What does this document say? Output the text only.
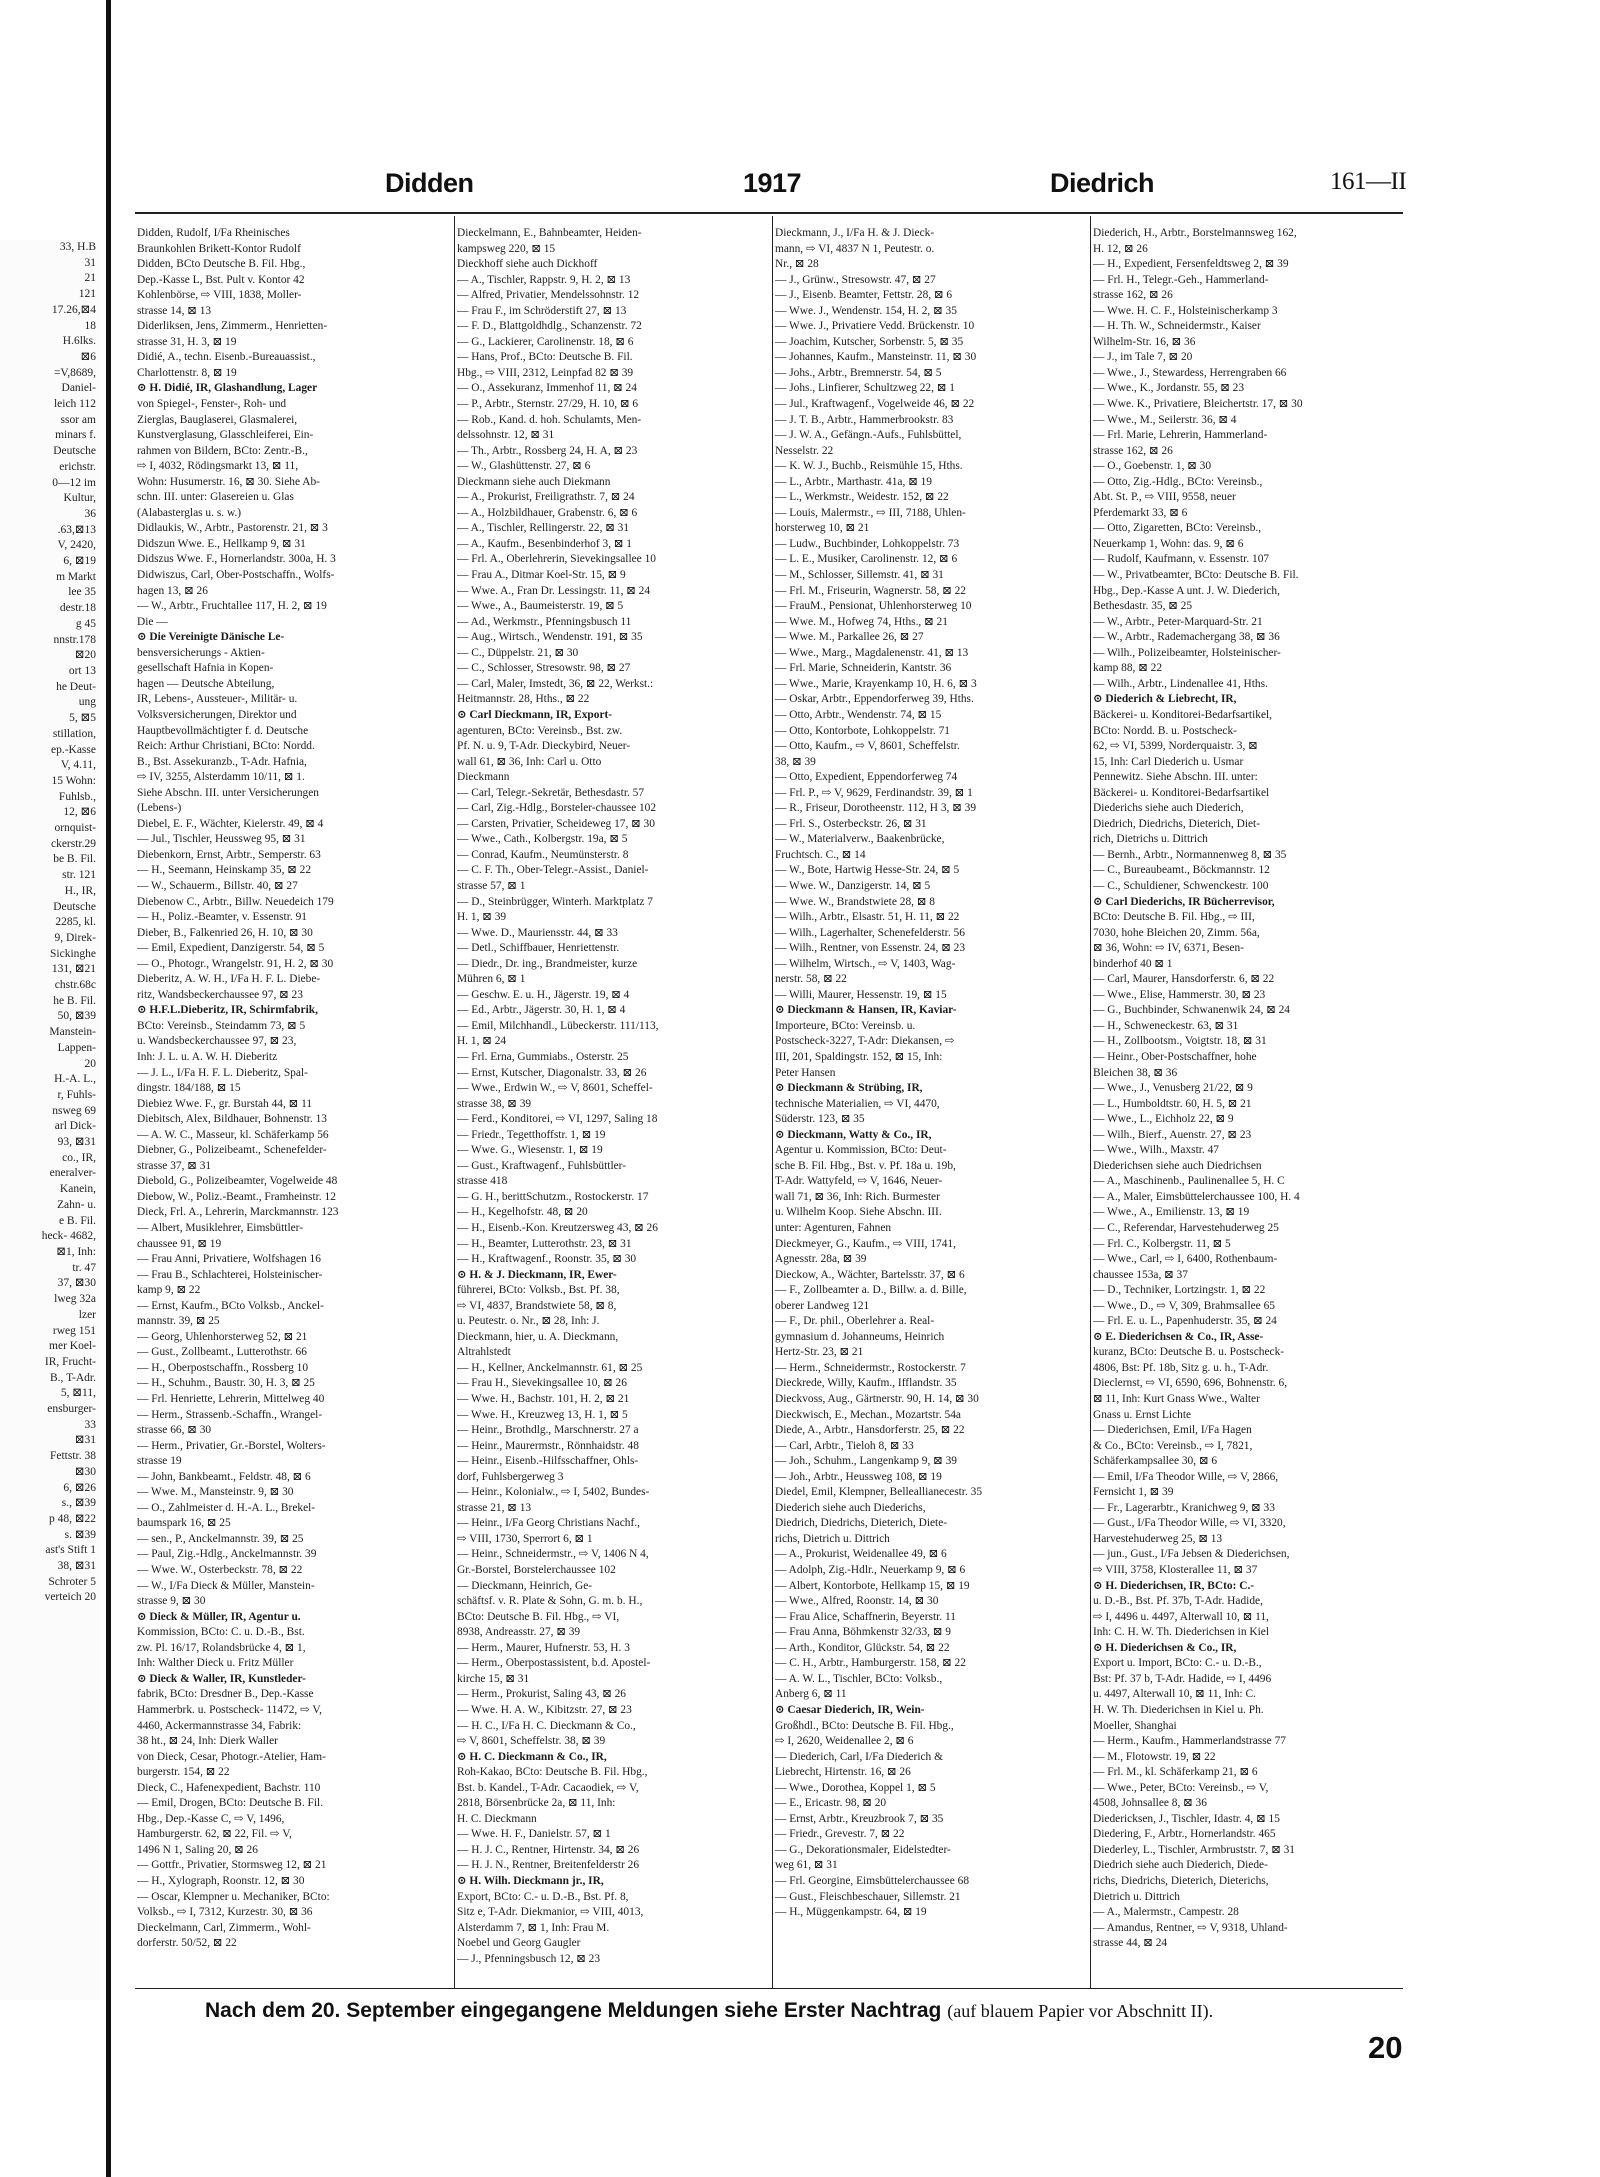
33, H.B
31
21
121
17.26,⊠4
18
H.6lks.
⊠6
=V,8689,
Daniel-
leich 112
ssor am
minars f.
Deutsche
erichstr.
0—12 im
Kultur,
36
.63,⊠13
V, 2420,
6, ⊠19
m Markt
lee 35
destr.18
g 45
nnstr.178
⊠20
ort 13
he Deut-
ung
5, ⊠5
stillation,
ep.-Kasse
V, 4.11,
15 Wohn:
Fuhlsb.,
12, ⊠6
ornquist-
ckerstr.29
be B. Fil.
str. 121
H., IR,
Deutsche
2285, kl.
9, Direk-
Sickinghe
131, ⊠21
chstr.68c
he B. Fil.
50, ⊠39
Manstein-
Lappen-
20
H.-A. L.,
r, Fuhls-
nsweg 69
arl Dick-
93, ⊠31
co., IR,
eneralver-
Kanein,
Zahn- u.
e B. Fil.
heck- 4682,
⊠1, Inh:
tr. 47
37, ⊠30
lweg 32a
lzer
rweg 151
mer Koel-
IR, Frucht-
B., T-Adr.
5, ⊠11,
ensburger-
33
⊠31
Fettstr. 38
⊠30
6, ⊠26
s., ⊠39
p 48, ⊠22
s. ⊠39
ast's Stift 1
38, ⊠31
Schroter 5
verteich 20
Didden	1917	Diedrich	161—II
Didden, Rudolf, I/Fa Rheinisches
Braunkohlen Brikett-Kontor Rudolf
Didden, BCto Deutsche B. Fil. Hbg.,
Dep.-Kasse L, Bst. Pult v. Kontor 42
Kohlenbörse, ⇨ VIII, 1838, Moller-
strasse 14, ⊠ 13
Diderliksen, Jens, Zimmerm., Henrietten-
strasse 31, H. 3, ⊠ 19
Didié, A., techn. Eisenb.-Bureauassist.,
Charlottenstr. 8, ⊠ 19
⊙ H. Didié, IR, Glashandlung, Lager
von Spiegel-, Fenster-, Roh- und
Zierglas, Bauglaserei, Glasmalerei,
Kunstverglasung, Glasschleiferei, Ein-
rahmen von Bildern, BCto: Zentr.-B.,
⇨ I, 4032, Rödingsmarkt 13, ⊠ 11,
Wohn: Husumerstr. 16, ⊠ 30. Siehe Ab-
schn. III. unter: Glasereien u. Glas
(Alabasterglas u. s. w.)
Didlaukis, W., Arbtr., Pastorenstr. 21, ⊠ 3
Didszun Wwe. E., Hellkamp 9, ⊠ 31
Didszus Wwe. F., Hornerlandstr. 300a, H. 3
Didwiszus, Carl, Ober-Postschaffn., Wolfs-
hagen 13, ⊠ 26
— W., Arbtr., Fruchtallee 117, H. 2, ⊠ 19
Die —
⊙ Die Vereinigte Dänische Le-
bensversicherungs - Aktien-
gesellschaft Hafnia in Kopen-
hagen — Deutsche Abteilung,
IR, Lebens-, Aussteuer-, Militär- u.
Volksversicherungen, Direktor und
Hauptbevollmächtigter f. d. Deutsche
Reich: Arthur Christiani, BCto: Nordd.
B., Bst. Assekuranzb., T-Adr. Hafnia,
⇨ IV, 3255, Alsterdamm 10/11, ⊠ 1.
Siehe Abschn. III. unter Versicherungen
(Lebens-)
Diebel, E. F., Wächter, Kielerstr. 49, ⊠ 4
— Jul., Tischler, Heussweg 95, ⊠ 31
Diebenkorn, Ernst, Arbtr., Semperstr. 63
— H., Seemann, Heinskamp 35, ⊠ 22
— W., Schauerm., Billstr. 40, ⊠ 27
Diebenow C., Arbtr., Billw. Neuedeich 179
— H., Poliz.-Beamter, v. Essenstr. 91
Dieber, B., Falkenried 26, H. 10, ⊠ 30
— Emil, Expedient, Danzigerstr. 54, ⊠ 5
— O., Photogr., Wrangelstr. 91, H. 2, ⊠ 30
Dieberitz, A. W. H., I/Fa H. F. L. Diebe-
ritz, Wandsbeckerchaussee 97, ⊠ 23
⊙ H.F.L.Dieberitz, IR, Schirmfabrik,
BCto: Vereinsb., Steindamm 73, ⊠ 5
u. Wandsbeckerchaussee 97, ⊠ 23,
Inh: J. L. u. A. W. H. Dieberitz
— J. L., I/Fa H. F. L. Dieberitz, Spal-
dingstr. 184/188, ⊠ 15
Diebiez Wwe. F., gr. Burstah 44, ⊠ 11
Diebitsch, Alex, Bildhauer, Bohnenstr. 13
— A. W. C., Masseur, kl. Schäferkamp 56
Diebner, G., Polizeibeamt., Schenefelder-
strasse 37, ⊠ 31
Diebold, G., Polizeibeamter, Vogelweide 48
Diebow, W., Poliz.-Beamt., Framheinstr. 12
Dieck, Frl. A., Lehrerin, Marckmannstr. 123
— Albert, Musiklehrer, Eimsbüttler-
chaussee 91, ⊠ 19
— Frau Anni, Privatiere, Wolfshagen 16
— Frau B., Schlachterei, Holsteinischer-
kamp 9, ⊠ 22
— Ernst, Kaufm., BCto Volksb., Anckel-
mannstr. 39, ⊠ 25
— Georg, Uhlenhorsterweg 52, ⊠ 21
— Gust., Zollbeamt., Lutterothstr. 66
— H., Oberpostschaffn., Rossberg 10
— H., Schuhm., Baustr. 30, H. 3, ⊠ 25
— Frl. Henriette, Lehrerin, Mittelweg 40
— Herm., Strassenb.-Schaffn., Wrangel-
strasse 66, ⊠ 30
— Herm., Privatier, Gr.-Borstel, Wolters-
strasse 19
— John, Bankbeamt., Feldstr. 48, ⊠ 6
— Wwe. M., Mansteinstr. 9, ⊠ 30
— O., Zahlmeister d. H.-A. L., Brekel-
baumspark 16, ⊠ 25
— sen., P., Anckelmannstr. 39, ⊠ 25
— Paul, Zig.-Hdlg., Anckelmannstr. 39
— Wwe. W., Osterbeckstr. 78, ⊠ 22
— W., I/Fa Dieck & Müller, Manstein-
strasse 9, ⊠ 30
⊙ Dieck & Müller, IR, Agentur u.
Kommission, BCto: C. u. D.-B., Bst.
zw. Pl. 16/17, Rolandsbrücke 4, ⊠ 1,
Inh: Walther Dieck u. Fritz Müller
⊙ Dieck & Waller, IR, Kunstleder-
fabrik, BCto: Dresdner B., Dep.-Kasse
Hammerbrk. u. Postscheck- 11472, ⇨ V,
4460, Ackermannstrasse 34, Fabrik:
38 ht., ⊠ 24, Inh: Dierk Waller
von Dieck, Cesar, Photogr.-Atelier, Ham-
burgerstr. 154, ⊠ 22
Dieck, C., Hafenexpedient, Bachstr. 110
— Emil, Drogen, BCto: Deutsche B. Fil.
Hbg., Dep.-Kasse C, ⇨ V, 1496,
Hamburgerstr. 62, ⊠ 22, Fil. ⇨ V,
1496 N 1, Saling 20, ⊠ 26
— Gottfr., Privatier, Stormsweg 12, ⊠ 21
— H., Xylograph, Roonstr. 12, ⊠ 30
— Oscar, Klempner u. Mechaniker, BCto:
Volksb., ⇨ I, 7312, Kurzestr. 30, ⊠ 36
Dieckelmann, Carl, Zimmerm., Wohl-
dorferstr. 50/52, ⊠ 22
Dieckelmann, E., Bahnbeamter, Heiden-
kampsweg 220, ⊠ 15
Dieckhoff siehe auch Dickhoff
— A., Tischler, Rappstr. 9, H. 2, ⊠ 13
— Alfred, Privatier, Mendelssohnstr. 12
— Frau F., im Schröderstift 27, ⊠ 13
— F. D., Blattgoldhdlg., Schanzenstr. 72
— G., Lackierer, Carolinenstr. 18, ⊠ 6
— Hans, Prof., BCto: Deutsche B. Fil.
Hbg., ⇨ VIII, 2312, Leinpfad 82 ⊠ 39
— O., Assekuranz, Immenhof 11, ⊠ 24
— P., Arbtr., Sternstr. 27/29, H. 10, ⊠ 6
— Rob., Kand. d. hoh. Schulamts, Men-
delssohnstr. 12, ⊠ 31
— Th., Arbtr., Rossberg 24, H. A, ⊠ 23
— W., Glashüttenstr. 27, ⊠ 6
Dieckmann siehe auch Diekmann
— A., Prokurist, Freiligrathstr. 7, ⊠ 24
— A., Holzbildhauer, Grabenstr. 6, ⊠ 6
— A., Tischler, Rellingerstr. 22, ⊠ 31
— A., Kaufm., Besenbinderhof 3, ⊠ 1
— Frl. A., Oberlehrerin, Sievekingsallee 10
— Frau A., Ditmar Koel-Str. 15, ⊠ 9
— Wwe. A., Fran Dr. Lessingstr. 11, ⊠ 24
— Wwe., A., Baumeisterstr. 19, ⊠ 5
— Ad., Werkmstr., Pfenningsbusch 11
— Aug., Wirtsch., Wendenstr. 191, ⊠ 35
— C., Düppelstr. 21, ⊠ 30
— C., Schlosser, Stresowstr. 98, ⊠ 27
— Carl, Maler, Imstedt, 36, ⊠ 22, Werkst.:
Heitmannstr. 28, Hths., ⊠ 22
⊙ Carl Dieckmann, IR, Export-
agenturen, BCto: Vereinsb., Bst. zw.
Pf. N. u. 9, T-Adr. Dieckybird, Neuer-
wall 61, ⊠ 36, Inh: Carl u. Otto
Dieckmann
— Carl, Telegr.-Sekretär, Bethesdastr. 57
— Carl, Zig.-Hdlg., Borsteler-chaussee 102
— Carsten, Privatier, Scheideweg 17, ⊠ 30
— Wwe., Cath., Kolbergstr. 19a, ⊠ 5
— Conrad, Kaufm., Neumünsterstr. 8
— C. F. Th., Ober-Telegr.-Assist., Daniel-
strasse 57, ⊠ 1
— D., Steinbrügger, Winterh. Marktplatz 7
H. 1, ⊠ 39
— Wwe. D., Mauriensstr. 44, ⊠ 33
— Detl., Schiffbauer, Henriettenstr.
— Diedr., Dr. ing., Brandmeister, kurze
Mühren 6, ⊠ 1
— Geschw. E. u. H., Jägerstr. 19, ⊠ 4
— Ed., Arbtr., Jägerstr. 30, H. 1, ⊠ 4
— Emil, Milchhandl., Lübeckerstr. 111/113,
H. 1, ⊠ 24
— Frl. Erna, Gummiabs., Osterstr. 25
— Ernst, Kutscher, Diagonalstr. 33, ⊠ 26
— Wwe., Erdwin W., ⇨ V, 8601, Scheffel-
strasse 38, ⊠ 39
— Ferd., Konditorei, ⇨ VI, 1297, Saling 18
— Friedr., Tegetthoffstr. 1, ⊠ 19
— Wwe. G., Wiesenstr. 1, ⊠ 19
— Gust., Kraftwagenf., Fuhlsbüttler-
strasse 418
— G. H., berittSchutzm., Rostockerstr. 17
— H., Kegelhofstr. 48, ⊠ 20
— H., Eisenb.-Kon. Kreutzersweg 43, ⊠ 26
— H., Beamter, Lutterothstr. 23, ⊠ 31
— H., Kraftwagenf., Roonstr. 35, ⊠ 30
⊙ H. & J. Dieckmann, IR, Ewer-
führerei, BCto: Volksb., Bst. Pf. 38,
⇨ VI, 4837, Brandstwiete 58, ⊠ 8,
u. Peutestr. o. Nr., ⊠ 28, Inh: J.
Dieckmann, hier, u. A. Dieckmann,
Altrahlstedt
— H., Kellner, Anckelmannstr. 61, ⊠ 25
— Frau H., Sievekingsallee 10, ⊠ 26
— Wwe. H., Bachstr. 101, H. 2, ⊠ 21
— Wwe. H., Kreuzweg 13, H. 1, ⊠ 5
— Heinr., Brothdlg., Marschnerstr. 27 a
— Heinr., Maurermstr., Rönnhaidstr. 48
— Heinr., Eisenb.-Hilfsschaffner, Ohls-
dorf, Fuhlsbergerweg 3
— Heinr., Kolonialw., ⇨ I, 5402, Bundes-
strasse 21, ⊠ 13
— Heinr., I/Fa Georg Christians Nachf.,
⇨ VIII, 1730, Sperrort 6, ⊠ 1
— Heinr., Schneidermstr., ⇨ V, 1406 N 4,
Gr.-Borstel, Borstelerchaussee 102
— Dieckmann, Heinrich, Ge-
schäftsf. v. R. Plate & Sohn, G. m. b. H.,
BCto: Deutsche B. Fil. Hbg., ⇨ VI,
8938, Andreasstr. 27, ⊠ 39
— Herm., Maurer, Hufnerstr. 53, H. 3
— Herm., Oberpostassistent, b.d. Apostel-
kirche 15, ⊠ 31
— Herm., Prokurist, Saling 43, ⊠ 26
— Wwe. H. A. W., Kibitzstr. 27, ⊠ 23
— H. C., I/Fa H. C. Dieckmann & Co.,
⇨ V, 8601, Scheffelstr. 38, ⊠ 39
⊙ H. C. Dieckmann & Co., IR,
Roh-Kakao, BCto: Deutsche B. Fil. Hbg.,
Bst. b. Kandel., T-Adr. Cacaodiek, ⇨ V,
2818, Börsenbrücke 2a, ⊠ 11, Inh:
H. C. Dieckmann
— Wwe. H. F., Danielstr. 57, ⊠ 1
— H. J. C., Rentner, Hirtenstr. 34, ⊠ 26
— H. J. N., Rentner, Breitenfelderstr 26
⊙ H. Wilh. Dieckmann jr., IR,
Export, BCto: C.- u. D.-B., Bst. Pf. 8,
Sitz e, T-Adr. Diekmanior, ⇨ VIII, 4013,
Alsterdamm 7, ⊠ 1, Inh: Frau M.
Noebel und Georg Gaugler
— J., Pfenningsbusch 12, ⊠ 23
Dieckmann, J., I/Fa H. & J. Dieck-
mann, ⇨ VI, 4837 N 1, Peutestr. o.
Nr., ⊠ 28
— J., Grünw., Stresowstr. 47, ⊠ 27
— J., Eisenb. Beamter, Fettstr. 28, ⊠ 6
— Wwe. J., Wendenstr. 154, H. 2, ⊠ 35
— Wwe. J., Privatiere Vedd. Brückenstr. 10
— Joachim, Kutscher, Sorbenstr. 5, ⊠ 35
— Johannes, Kaufm., Mansteinstr. 11, ⊠ 30
— Johs., Arbtr., Bremnerstr. 54, ⊠ 5
— Johs., Linfierer, Schultzweg 22, ⊠ 1
— Jul., Kraftwagenf., Vogelweide 46, ⊠ 22
— J. T. B., Arbtr., Hammerbrookstr. 83
— J. W. A., Gefängn.-Aufs., Fuhlsbüttel,
Nesselstr. 22
— K. W. J., Buchb., Reismühle 15, Hths.
— L., Arbtr., Marthastr. 41a, ⊠ 19
— L., Werkmstr., Weidestr. 152, ⊠ 22
— Louis, Malermstr., ⇨ III, 7188, Uhlen-
horsterweg 10, ⊠ 21
— Ludw., Buchbinder, Lohkoppelstr. 73
— L. E., Musiker, Carolinenstr. 12, ⊠ 6
— M., Schlosser, Sillemstr. 41, ⊠ 31
— Frl. M., Friseurin, Wagnerstr. 58, ⊠ 22
— FrauM., Pensionat, Uhlenhorsterweg 10
— Wwe. M., Hofweg 74, Hths., ⊠ 21
— Wwe. M., Parkallee 26, ⊠ 27
— Wwe., Marg., Magdalenenstr. 41, ⊠ 13
— Frl. Marie, Schneiderin, Kantstr. 36
— Wwe., Marie, Krayenkamp 10, H. 6, ⊠ 3
— Oskar, Arbtr., Eppendorferweg 39, Hths.
— Otto, Arbtr., Wendenstr. 74, ⊠ 15
— Otto, Kontorbote, Lohkoppelstr. 71
— Otto, Kaufm., ⇨ V, 8601, Scheffelstr.
38, ⊠ 39
— Otto, Expedient, Eppendorferweg 74
— Frl. P., ⇨ V, 9629, Ferdinandstr. 39, ⊠ 1
— R., Friseur, Dorotheenstr. 112, H 3, ⊠ 39
— Frl. S., Osterbeckstr. 26, ⊠ 31
— W., Materialverw., Baakenbrücke,
Fruchtsch. C., ⊠ 14
— W., Bote, Hartwig Hesse-Str. 24, ⊠ 5
— Wwe. W., Danzigerstr. 14, ⊠ 5
— Wwe. W., Brandstwiete 28, ⊠ 8
— Wilh., Arbtr., Elsastr. 51, H. 11, ⊠ 22
— Wilh., Lagerhalter, Schenefelderstr. 56
— Wilh., Rentner, von Essenstr. 24, ⊠ 23
— Wilhelm, Wirtsch., ⇨ V, 1403, Wag-
nerstr. 58, ⊠ 22
— Willi, Maurer, Hessenstr. 19, ⊠ 15
⊙ Dieckmann & Hansen, IR, Kaviar-
Importeure, BCto: Vereinsb. u.
Postscheck-3227, T-Adr: Diekansen, ⇨
III, 201, Spaldingstr. 152, ⊠ 15, Inh:
Peter Hansen
⊙ Dieckmann & Strübing, IR,
technische Materialien, ⇨ VI, 4470,
Süderstr. 123, ⊠ 35
⊙ Dieckmann, Watty & Co., IR,
Agentur u. Kommission, BCto: Deut-
sche B. Fil. Hbg., Bst. v. Pf. 18a u. 19b,
T-Adr. Wattyfeld, ⇨ V, 1646, Neuer-
wall 71, ⊠ 36, Inh: Rich. Burmester
u. Wilhelm Koop. Siehe Abschn. III.
unter: Agenturen, Fahnen
Dieckmeyer, G., Kaufm., ⇨ VIII, 1741,
Agnesstr. 28a, ⊠ 39
Dieckow, A., Wächter, Bartelsstr. 37, ⊠ 6
— F., Zollbeamter a. D., Billw. a. d. Bille,
oberer Landweg 121
— F., Dr. phil., Oberlehrer a. Real-
gymnasium d. Johanneums, Heinrich
Hertz-Str. 23, ⊠ 21
— Herm., Schneidermstr., Rostockerstr. 7
Dieckrede, Willy, Kaufm., Ifflandstr. 35
Dieckvoss, Aug., Gärtnerstr. 90, H. 14, ⊠ 30
Dieckwisch, E., Mechan., Mozartstr. 54a
Diede, A., Arbtr., Hansdorferstr. 25, ⊠ 22
— Carl, Arbtr., Tieloh 8, ⊠ 33
— Joh., Schuhm., Langenkamp 9, ⊠ 39
— Joh., Arbtr., Heussweg 108, ⊠ 19
Diedel, Emil, Klempner, Belleallianecestr. 35
Diederich siehe auch Diederichs,
Diedrich, Diedrichs, Dieterich, Diete-
richs, Dietrich u. Dittrich
— A., Prokurist, Weidenallee 49, ⊠ 6
— Adolph, Zig.-Hdlr., Neuerkamp 9, ⊠ 6
— Albert, Kontorbote, Hellkamp 15, ⊠ 19
— Wwe., Alfred, Roonstr. 14, ⊠ 30
— Frau Alice, Schaffnerin, Beyerstr. 11
— Frau Anna, Böhmkenstr 32/33, ⊠ 9
— Arth., Konditor, Glückstr. 54, ⊠ 22
— C. H., Arbtr., Hamburgerstr. 158, ⊠ 22
— A. W. L., Tischler, BCto: Volksb.,
Anberg 6, ⊠ 11
⊙ Caesar Diederich, IR, Wein-
Großhdl., BCto: Deutsche B. Fil. Hbg.,
⇨ I, 2620, Weidenallee 2, ⊠ 6
— Diederich, Carl, I/Fa Diederich &
Liebrecht, Hirtenstr. 16, ⊠ 26
— Wwe., Dorothea, Koppel 1, ⊠ 5
— E., Ericastr. 98, ⊠ 20
— Ernst, Arbtr., Kreuzbrook 7, ⊠ 35
— Friedr., Grevestr. 7, ⊠ 22
— G., Dekorationsmaler, Eidelstedter-
weg 61, ⊠ 31
— Frl. Georgine, Eimsbüttelerchaussee 68
— Gust., Fleischbeschauer, Sillemstr. 21
— H., Müggenkampstr. 64, ⊠ 19
Diederich, H., Arbtr., Borstelmannsweg 162,
H. 12, ⊠ 26
— H., Expedient, Fersenfeldtsweg 2, ⊠ 39
— Frl. H., Telegr.-Geh., Hammerland-
strasse 162, ⊠ 26
— Wwe. H. C. F., Holsteinischerkamp 3
— H. Th. W., Schneidermstr., Kaiser
Wilhelm-Str. 16, ⊠ 36
— J., im Tale 7, ⊠ 20
— Wwe., J., Stewardess, Herrengraben 66
— Wwe., K., Jordanstr. 55, ⊠ 23
— Wwe. K., Privatiere, Bleichertstr. 17, ⊠ 30
— Wwe., M., Seilerstr. 36, ⊠ 4
— Frl. Marie, Lehrerin, Hammerland-
strasse 162, ⊠ 26
— O., Goebenstr. 1, ⊠ 30
— Otto, Zig.-Hdlg., BCto: Vereinsb.,
Abt. St. P., ⇨ VIII, 9558, neuer
Pferdemarkt 33, ⊠ 6
— Otto, Zigaretten, BCto: Vereinsb.,
Neuerkamp 1, Wohn: das. 9, ⊠ 6
— Rudolf, Kaufmann, v. Essenstr. 107
— W., Privatbeamter, BCto: Deutsche B. Fil.
Hbg., Dep.-Kasse A unt. J. W. Diederich,
Bethesdastr. 35, ⊠ 25
— W., Arbtr., Peter-Marquard-Str. 21
— W., Arbtr., Rademachergang 38, ⊠ 36
— Wilh., Polizeibeamter, Holsteinischer-
kamp 88, ⊠ 22
— Wilh., Arbtr., Lindenallee 41, Hths.
⊙ Diederich & Liebrecht, IR,
Bäckerei- u. Konditorei-Bedarfsartikel,
BCto: Nordd. B. u. Postscheck-
62, ⇨ VI, 5399, Norderquaistr. 3, ⊠
15, Inh: Carl Diederich u. Usmar
Pennewitz. Siehe Abschn. III. unter:
Bäckerei- u. Konditorei-Bedarfsartikel
Diederichs siehe auch Diederich,
Diedrich, Diedrichs, Dieterich, Diet-
rich, Dietrichs u. Dittrich
— Bernh., Arbtr., Normannenweg 8, ⊠ 35
— C., Bureaubeamt., Böckmannstr. 12
— C., Schuldiener, Schwenckestr. 100
⊙ Carl Diederichs, IR Bücherrevisor,
BCto: Deutsche B. Fil. Hbg., ⇨ III,
7030, hohe Bleichen 20, Zimm. 56a,
⊠ 36, Wohn: ⇨ IV, 6371, Besen-
binderhof 40 ⊠ 1
— Carl, Maurer, Hansdorferstr. 6, ⊠ 22
— Wwe., Elise, Hammerstr. 30, ⊠ 23
— G., Buchbinder, Schwanenwik 24, ⊠ 24
— H., Schweneckestr. 63, ⊠ 31
— H., Zollbootsm., Voigtstr. 18, ⊠ 31
— Heinr., Ober-Postschaffner, hohe
Bleichen 38, ⊠ 36
— Wwe., J., Venusberg 21/22, ⊠ 9
— L., Humboldtstr. 60, H. 5, ⊠ 21
— Wwe., L., Eichholz 22, ⊠ 9
— Wilh., Bierf., Auenstr. 27, ⊠ 23
— Wwe., Wilh., Maxstr. 47
Diederichsen siehe auch Diedrichsen
— A., Maschinenb., Paulinenallee 5, H. C
— A., Maler, Eimsbüttelerchaussee 100, H. 4
— Wwe., A., Emilienstr. 13, ⊠ 19
— C., Referendar, Harvestehuderweg 25
— Frl. C., Kolbergstr. 11, ⊠ 5
— Wwe., Carl, ⇨ I, 6400, Rothenbaum-
chaussee 153a, ⊠ 37
— D., Techniker, Lortzingstr. 1, ⊠ 22
— Wwe., D., ⇨ V, 309, Brahmsallee 65
— Frl. E. u. L., Papenhuderstr. 35, ⊠ 24
⊙ E. Diederichsen & Co., IR, Asse-
kuranz, BCto: Deutsche B. u. Postscheck-
4806, Bst: Pf. 18b, Sitz g. u. h., T-Adr.
Dieclernst, ⇨ VI, 6590, 696, Bohnenstr. 6,
⊠ 11, Inh: Kurt Gnass Wwe., Walter
Gnass u. Ernst Lichte
— Diederichsen, Emil, I/Fa Hagen
& Co., BCto: Vereinsb., ⇨ I, 7821,
Schäferkampsallee 30, ⊠ 6
— Emil, I/Fa Theodor Wille, ⇨ V, 2866,
Fernsicht 1, ⊠ 39
— Fr., Lagerarbtr., Kranichweg 9, ⊠ 33
— Gust., I/Fa Theodor Wille, ⇨ VI, 3320,
Harvestehuderweg 25, ⊠ 13
— jun., Gust., I/Fa Jebsen & Diederichsen,
⇨ VIII, 3758, Klosterallee 11, ⊠ 37
⊙ H. Diederichsen, IR, BCto: C.-
u. D.-B., Bst. Pf. 37b, T-Adr. Hadide,
⇨ I, 4496 u. 4497, Alterwall 10, ⊠ 11,
Inh: C. H. W. Th. Diederichsen in Kiel
⊙ H. Diederichsen & Co., IR,
Export u. Import, BCto: C.- u. D.-B.,
Bst: Pf. 37 b, T-Adr. Hadide, ⇨ I, 4496
u. 4497, Alterwall 10, ⊠ 11, Inh: C.
H. W. Th. Diederichsen in Kiel u. Ph.
Moeller, Shanghai
— Herm., Kaufm., Hammerlandstrasse 77
— M., Flotowstr. 19, ⊠ 22
— Frl. M., kl. Schäferkamp 21, ⊠ 6
— Wwe., Peter, BCto: Vereinsb., ⇨ V,
4508, Johnsallee 8, ⊠ 36
Diedericksen, J., Tischler, Idastr. 4, ⊠ 15
Diedering, F., Arbtr., Hornerlandstr. 465
Diederley, L., Tischler, Armbruststr. 7, ⊠ 31
Diedrich siehe auch Diederich, Diede-
richs, Diedrichs, Dieterich, Dieterichs,
Dietrich u. Dittrich
— A., Malermstr., Campestr. 28
— Amandus, Rentner, ⇨ V, 9318, Uhland-
strasse 44, ⊠ 24
Nach dem 20. September eingegangene Meldungen siehe Erster Nachtrag (auf blauem Papier vor Abschnitt II).
20
